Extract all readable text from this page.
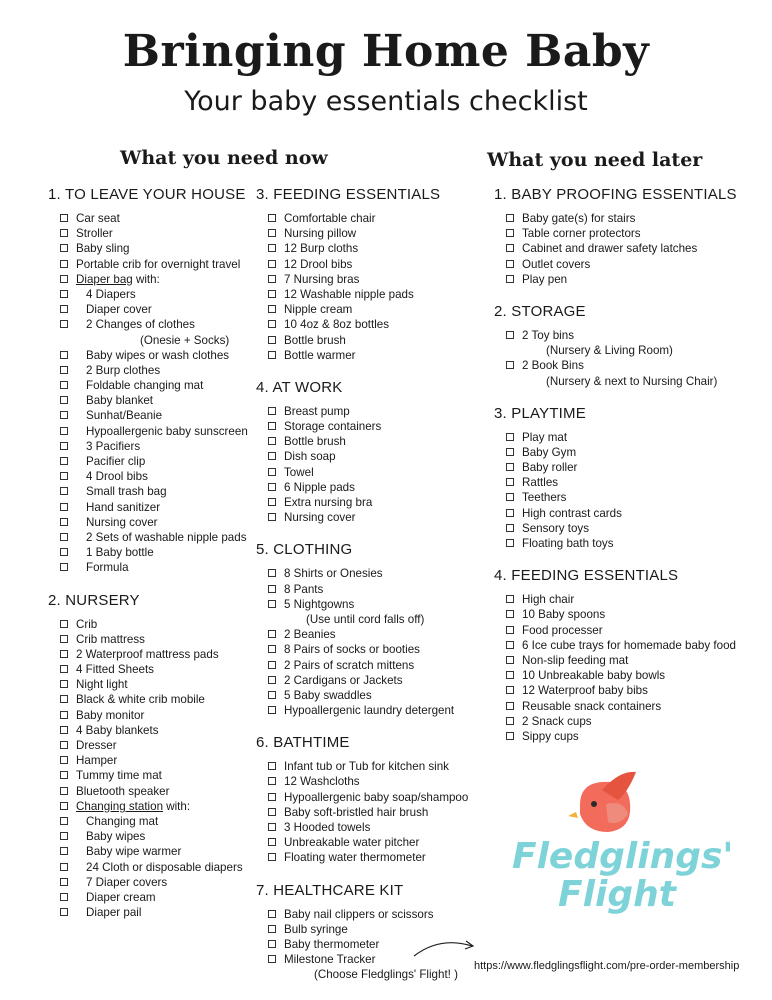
Bringing Home Baby
Your baby essentials checklist
What you need now	What you need later
1. TO LEAVE YOUR HOUSE
Car seat
Stroller
Baby sling
Portable crib for overnight travel
Diaper bag with:
4 Diapers
Diaper cover
2 Changes of clothes
(Onesie + Socks)
Baby wipes or wash clothes
2 Burp clothes
Foldable changing mat
Baby blanket
Sunhat/Beanie
Hypoallergenic baby sunscreen
3 Pacifiers
Pacifier clip
4 Drool bibs
Small trash bag
Hand sanitizer
Nursing cover
2 Sets of washable nipple pads
1 Baby bottle
Formula
2. NURSERY
Crib
Crib mattress
2 Waterproof mattress pads
4 Fitted Sheets
Night light
Black & white crib mobile
Baby monitor
4 Baby blankets
Dresser
Hamper
Tummy time mat
Bluetooth speaker
Changing station with:
Changing mat
Baby wipes
Baby wipe warmer
24 Cloth or disposable diapers
7 Diaper covers
Diaper cream
Diaper pail
3. FEEDING ESSENTIALS
Comfortable chair
Nursing pillow
12 Burp cloths
12 Drool bibs
7 Nursing bras
12 Washable nipple pads
Nipple cream
10 4oz & 8oz bottles
Bottle brush
Bottle warmer
4. AT WORK
Breast pump
Storage containers
Bottle brush
Dish soap
Towel
6 Nipple pads
Extra nursing bra
Nursing cover
5. CLOTHING
8 Shirts or Onesies
8 Pants
5 Nightgowns
(Use until cord falls off)
2 Beanies
8 Pairs of socks or booties
2 Pairs of scratch mittens
2 Cardigans or Jackets
5 Baby swaddles
Hypoallergenic laundry detergent
6. BATHTIME
Infant tub or Tub for kitchen sink
12 Washcloths
Hypoallergenic baby soap/shampoo
Baby soft-bristled hair brush
3 Hooded towels
Unbreakable water pitcher
Floating water thermometer
7. HEALTHCARE KIT
Baby nail clippers or scissors
Bulb syringe
Baby thermometer
Milestone Tracker
(Choose Fledglings' Flight! )
1. BABY PROOFING ESSENTIALS
Baby gate(s) for stairs
Table corner protectors
Cabinet and drawer safety latches
Outlet covers
Play pen
2. STORAGE
2 Toy bins
(Nursery & Living Room)
2 Book Bins
(Nursery & next to Nursing Chair)
3. PLAYTIME
Play mat
Baby Gym
Baby roller
Rattles
Teethers
High contrast cards
Sensory toys
Floating bath toys
4. FEEDING ESSENTIALS
High chair
10 Baby spoons
Food processer
6 Ice cube trays for homemade baby food
Non-slip feeding mat
10 Unbreakable baby bowls
12 Waterproof baby bibs
Reusable snack containers
2 Snack cups
Sippy cups
Fledglings'
Flight
https://www.fledglingsflight.com/pre-order-membership
